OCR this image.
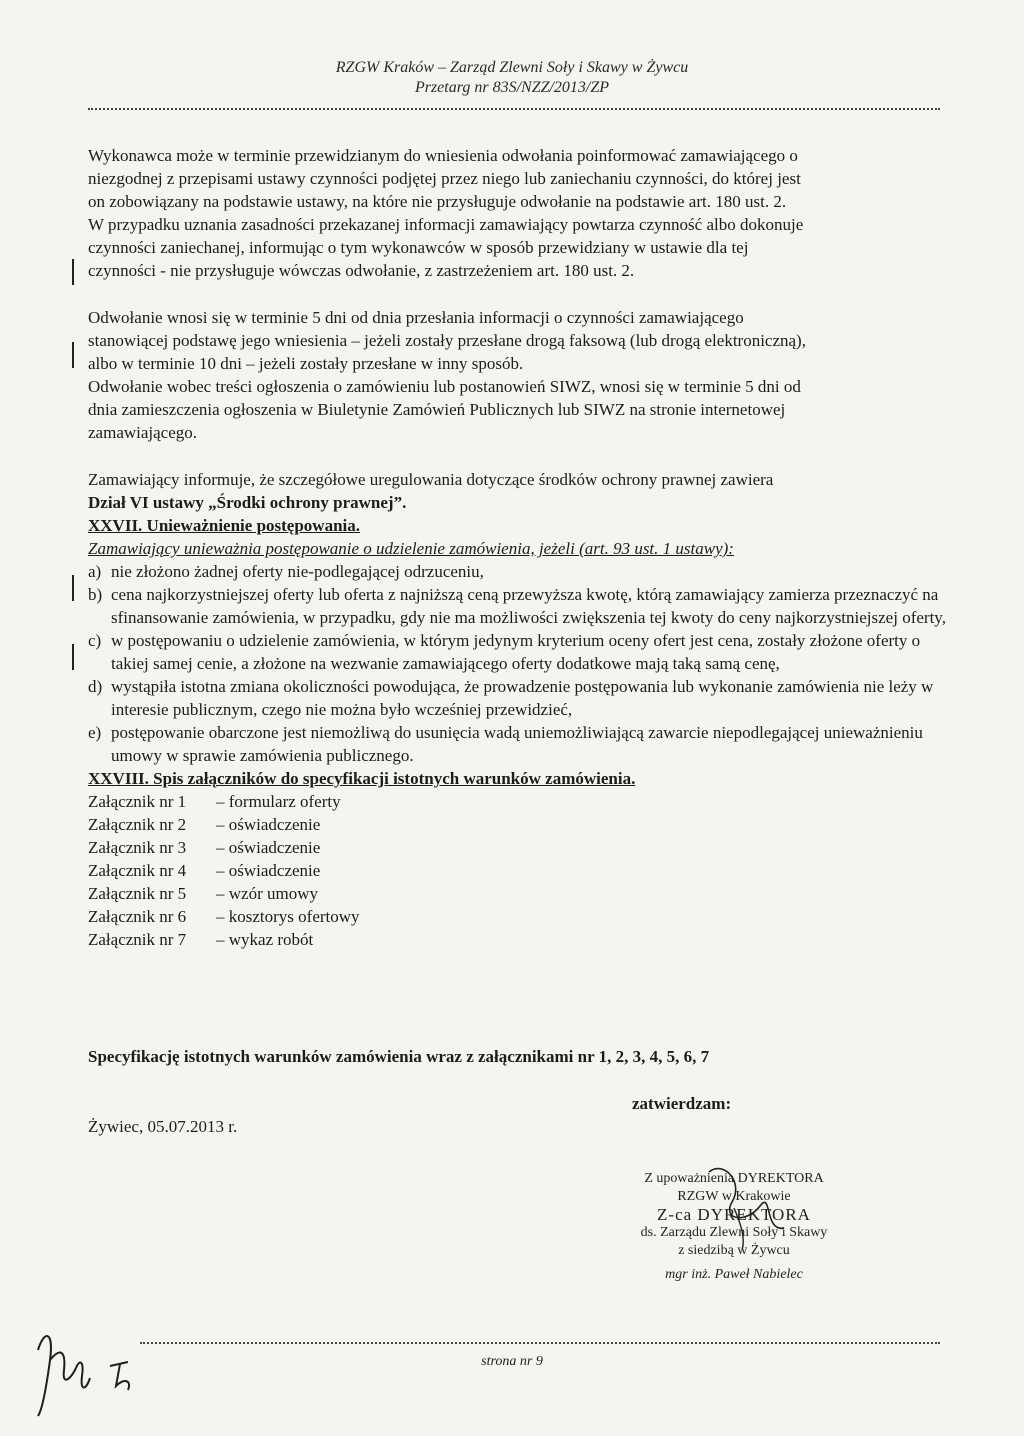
RZGW Kraków – Zarząd Zlewni Soły i Skawy w Żywcu
Przetarg nr 83S/NZZ/2013/ZP

Wykonawca może w terminie przewidzianym do wniesienia odwołania poinformować zamawiającego o

niezgodnej z przepisami ustawy czynności podjętej przez niego lub zaniechaniu czynności, do której jest

on zobowiązany na podstawie ustawy, na które nie przysługuje odwołanie na podstawie art. 180 ust. 2.

W przypadku uznania zasadności przekazanej informacji zamawiający powtarza czynność albo dokonuje

czynności zaniechanej, informując o tym wykonawców w sposób przewidziany w ustawie dla tej

czynności - nie przysługuje wówczas odwołanie, z zastrzeżeniem art. 180 ust. 2.

Odwołanie wnosi się w terminie 5 dni od dnia przesłania informacji o czynności zamawiającego

stanowiącej podstawę jego wniesienia – jeżeli zostały przesłane drogą faksową (lub drogą elektroniczną),

albo w terminie 10 dni – jeżeli zostały przesłane w inny sposób.

Odwołanie wobec treści ogłoszenia o zamówieniu lub postanowień SIWZ, wnosi się w terminie 5 dni od

dnia zamieszczenia ogłoszenia w Biuletynie Zamówień Publicznych lub SIWZ na stronie internetowej

zamawiającego.

Zamawiający informuje, że szczegółowe uregulowania dotyczące środków ochrony prawnej zawiera

Dział VI ustawy „Środki ochrony prawnej”.

XXVII. Unieważnienie postępowania.

Zamawiający unieważnia postępowanie o udzielenie zamówienia, jeżeli (art. 93 ust. 1 ustawy):

a) nie złożono żadnej oferty nie-podlegającej odrzuceniu,
b) cena najkorzystniejszej oferty lub oferta z najniższą ceną przewyższa kwotę, którą zamawiający zamierza przeznaczyć na sfinansowanie zamówienia, w przypadku, gdy nie ma możliwości zwiększenia tej kwoty do ceny najkorzystniejszej oferty,
c) w postępowaniu o udzielenie zamówienia, w którym jedynym kryterium oceny ofert jest cena, zostały złożone oferty o takiej samej cenie, a złożone na wezwanie zamawiającego oferty dodatkowe mają taką samą cenę,
d) wystąpiła istotna zmiana okoliczności powodująca, że prowadzenie postępowania lub wykonanie zamówienia nie leży w interesie publicznym, czego nie można było wcześniej przewidzieć,
e) postępowanie obarczone jest niemożliwą do usunięcia wadą uniemożliwiającą zawarcie niepodlegającej unieważnieniu umowy w sprawie zamówienia publicznego.

XXVIII. Spis załączników do specyfikacji istotnych warunków zamówienia.

Załącznik nr 1 – formularz oferty
Załącznik nr 2 – oświadczenie
Załącznik nr 3 – oświadczenie
Załącznik nr 4 – oświadczenie
Załącznik nr 5 – wzór umowy
Załącznik nr 6 – kosztorys ofertowy
Załącznik nr 7 – wykaz robót
Specyfikację istotnych warunków zamówienia wraz z załącznikami nr 1, 2, 3, 4, 5, 6, 7
zatwierdzam:
Żywiec, 05.07.2013 r.
Z upoważnienia DYREKTORA
RZGW w Krakowie
Z-ca DYREKTORA
ds. Zarządu Zlewni Soły i Skawy
z siedzibą w Żywcu
mgr inż. Paweł Nabielec
strona nr 9
